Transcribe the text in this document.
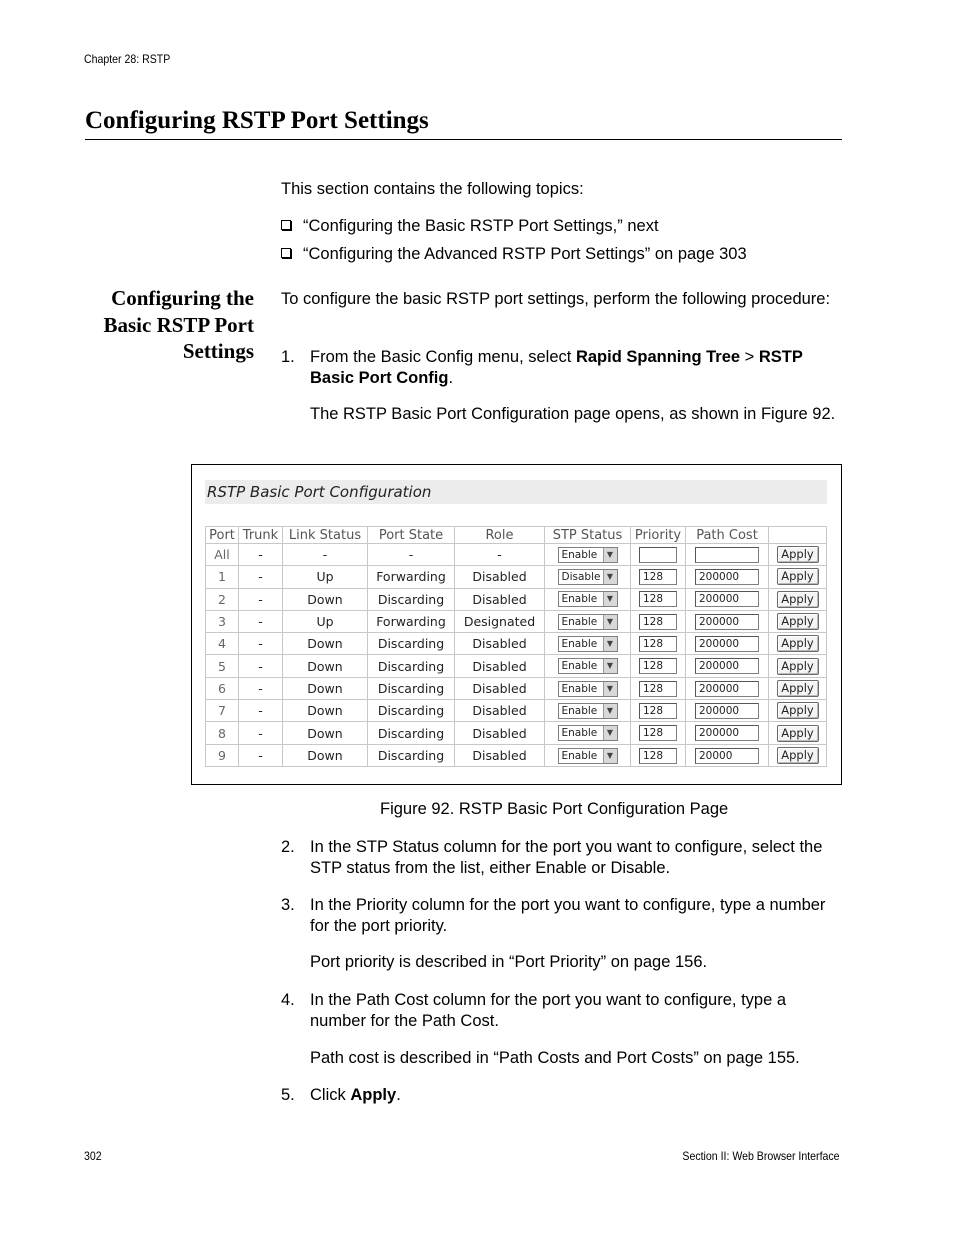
Chapter 28: RSTP
Configuring RSTP Port Settings
This section contains the following topics:
“Configuring the Basic RSTP Port Settings,” next
“Configuring the Advanced RSTP Port Settings” on page 303
Configuring the
Basic RSTP Port
Settings
To configure the basic RSTP port settings, perform the following procedure:
1. From the Basic Config menu, select Rapid Spanning Tree > RSTP Basic Port Config.
The RSTP Basic Port Configuration page opens, as shown in Figure 92.
RSTP Basic Port Configuration
Port	Trunk	Link Status	Port State	Role	STP Status	Priority	Path Cost	
All	-	-	-	-	Enable ▼			Apply
1	-	Up	Forwarding	Disabled	Disable ▼	128	200000	Apply
2	-	Down	Discarding	Disabled	Enable ▼	128	200000	Apply
3	-	Up	Forwarding	Designated	Enable ▼	128	200000	Apply
4	-	Down	Discarding	Disabled	Enable ▼	128	200000	Apply
5	-	Down	Discarding	Disabled	Enable ▼	128	200000	Apply
6	-	Down	Discarding	Disabled	Enable ▼	128	200000	Apply
7	-	Down	Discarding	Disabled	Enable ▼	128	200000	Apply
8	-	Down	Discarding	Disabled	Enable ▼	128	200000	Apply
9	-	Down	Discarding	Disabled	Enable ▼	128	20000	Apply
Figure 92. RSTP Basic Port Configuration Page
2. In the STP Status column for the port you want to configure, select the STP status from the list, either Enable or Disable.
3. In the Priority column for the port you want to configure, type a number for the port priority.
Port priority is described in “Port Priority” on page 156.
4. In the Path Cost column for the port you want to configure, type a number for the Path Cost.
Path cost is described in “Path Costs and Port Costs” on page 155.
5. Click Apply.
302	Section II: Web Browser Interface
